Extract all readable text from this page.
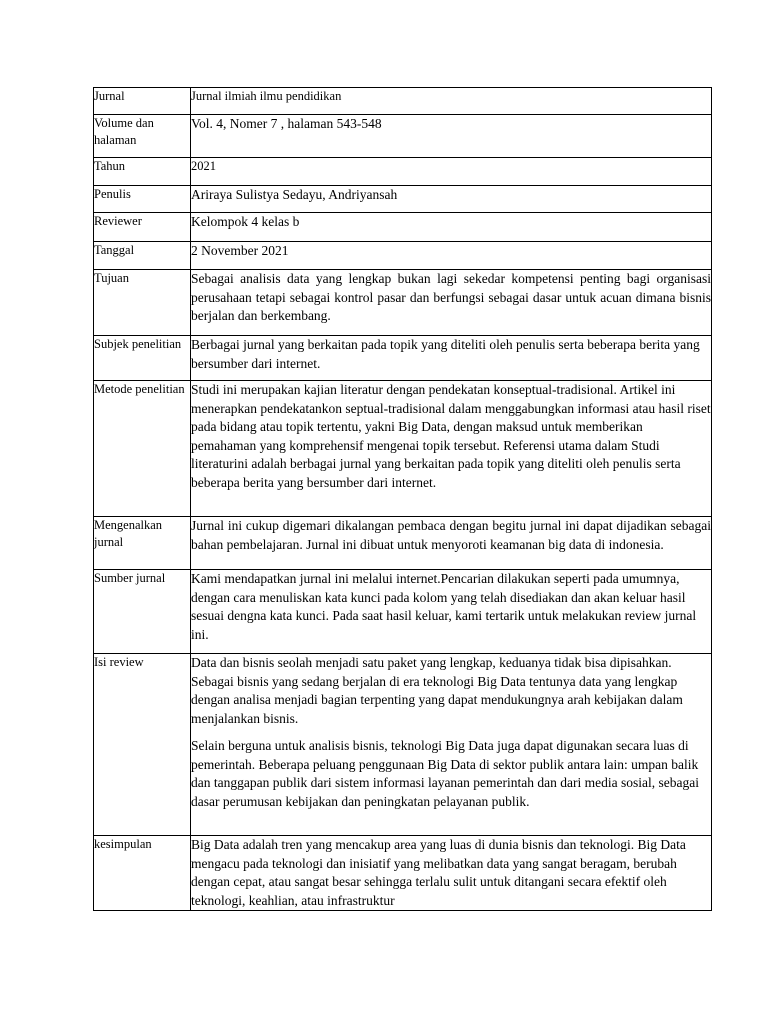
Jurnal	Jurnal ilmiah ilmu pendidikan
Volume dan halaman	Vol. 4, Nomer 7 , halaman 543-548
Tahun	2021
Penulis	Ariraya Sulistya Sedayu, Andriyansah
Reviewer	Kelompok 4 kelas b
Tanggal	2 November 2021
Tujuan	Sebagai analisis data yang lengkap bukan lagi sekedar kompetensi penting bagi organisasi perusahaan tetapi sebagai kontrol pasar dan berfungsi sebagai dasar untuk acuan dimana bisnis berjalan dan berkembang.
Subjek penelitian	Berbagai jurnal yang berkaitan pada topik yang diteliti oleh penulis serta beberapa berita yang bersumber dari internet.
Metode penelitian	Studi ini merupakan kajian literatur dengan pendekatan konseptual-tradisional. Artikel ini menerapkan pendekatankon septual-tradisional dalam menggabungkan informasi atau hasil riset pada bidang atau topik tertentu, yakni Big Data, dengan maksud untuk memberikan pemahaman yang komprehensif mengenai topik tersebut. Referensi utama dalam Studi literaturini adalah berbagai jurnal yang berkaitan pada topik yang diteliti oleh penulis serta beberapa berita yang bersumber dari internet.
Mengenalkan jurnal	Jurnal ini cukup digemari dikalangan pembaca dengan begitu jurnal ini dapat dijadikan sebagai bahan pembelajaran. Jurnal ini dibuat untuk menyoroti keamanan big data di indonesia.
Sumber jurnal	Kami mendapatkan jurnal ini melalui internet.Pencarian dilakukan seperti pada umumnya, dengan cara menuliskan kata kunci pada kolom yang telah disediakan dan akan keluar hasil sesuai dengna kata kunci. Pada saat hasil keluar, kami tertarik untuk melakukan review jurnal ini.
Isi review	Data dan bisnis seolah menjadi satu paket yang lengkap, keduanya tidak bisa dipisahkan. Sebagai bisnis yang sedang berjalan di era teknologi Big Data tentunya data yang lengkap dengan analisa menjadi bagian terpenting yang dapat mendukungnya arah kebijakan dalam menjalankan bisnis.

Selain berguna untuk analisis bisnis, teknologi Big Data juga dapat digunakan secara luas di pemerintah. Beberapa peluang penggunaan Big Data di sektor publik antara lain: umpan balik dan tanggapan publik dari sistem informasi layanan pemerintah dan dari media sosial, sebagai dasar perumusan kebijakan dan peningkatan pelayanan publik.

kesimpulan	Big Data adalah tren yang mencakup area yang luas di dunia bisnis dan teknologi. Big Data mengacu pada teknologi dan inisiatif yang melibatkan data yang sangat beragam, berubah dengan cepat, atau sangat besar sehingga terlalu sulit untuk ditangani secara efektif oleh teknologi, keahlian, atau infrastruktur
